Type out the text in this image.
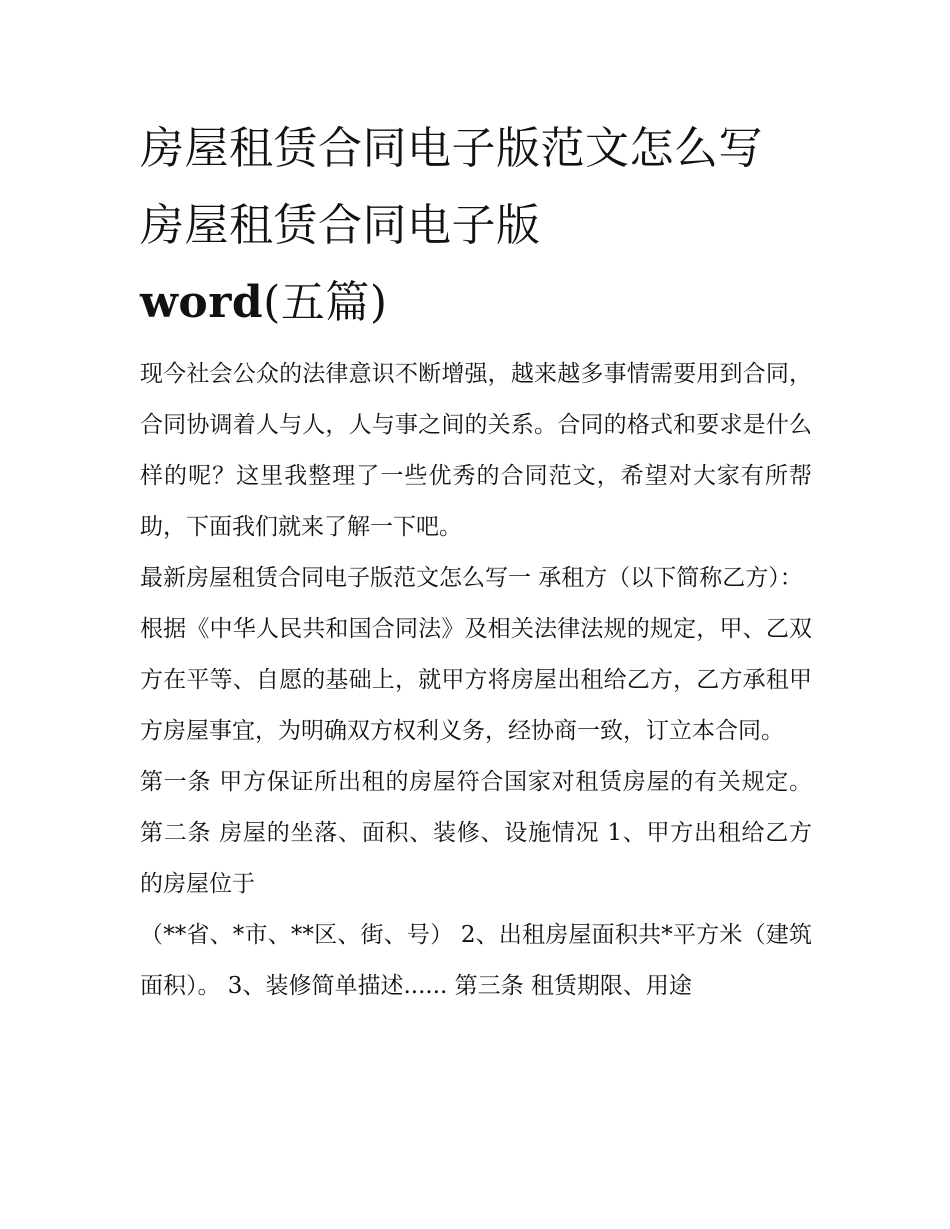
房屋租赁合同电子版范文怎么写 房屋租赁合同电子版
word(五篇)

现今社会公众的法律意识不断增强，越来越多事情需要用到合同，合同协调着人与人，人与事之间的关系。合同的格式和要求是什么样的呢？这里我整理了一些优秀的合同范文，希望对大家有所帮助，下面我们就来了解一下吧。

最新房屋租赁合同电子版范文怎么写一 承租方（以下简称乙方）：

根据《中华人民共和国合同法》及相关法律法规的规定，甲、乙双方在平等、自愿的基础上，就甲方将房屋出租给乙方，乙方承租甲方房屋事宜，为明确双方权利义务，经协商一致，订立本合同。

第一条 甲方保证所出租的房屋符合国家对租赁房屋的有关规定。 第二条 房屋的坐落、面积、装修、设施情况 1、甲方出租给乙方的房屋位于

（**省、*市、**区、街、号） 2、出租房屋面积共*平方米（建筑面积）。 3、装修简单描述...... 第三条 租赁期限、用途
